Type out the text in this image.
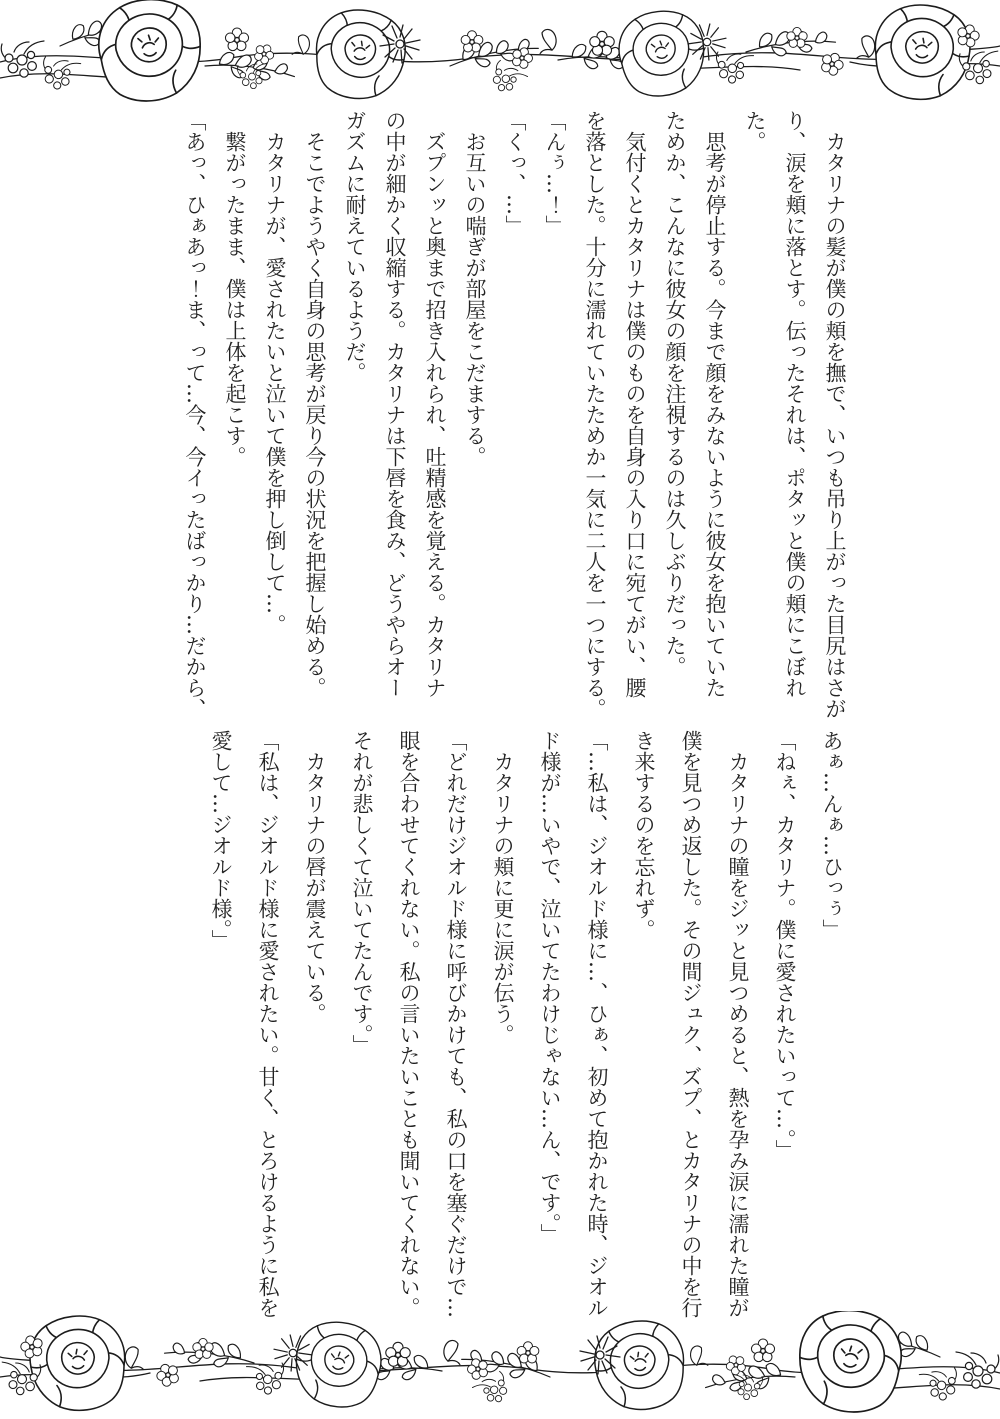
カタリナの髪が僕の頬を撫で、いつも吊り上がった目尻はさが

り、涙を頬に落とす。伝ったそれは、ポタッと僕の頬にこぼれ

た。

思考が停止する。今まで顔をみないように彼女を抱いていた

ためか、こんなに彼女の顔を注視するのは久しぶりだった。

気付くとカタリナは僕のものを自身の入り口に宛てがい、腰

を落とした。十分に濡れていたためか一気に二人を一つにする。

「んぅ…！」

「くっ、…」

お互いの喘ぎが部屋をこだまする。

ズプンッと奥まで招き入れられ、吐精感を覚える。カタリナ

の中が細かく収縮する。カタリナは下唇を食み、どうやらオー

ガズムに耐えているようだ。

そこでようやく自身の思考が戻り今の状況を把握し始める。

カタリナが、愛されたいと泣いて僕を押し倒して…。

繋がったまま、僕は上体を起こす。

「あっ、ひぁあっ！ま、って…今、今イったばっかり…だから、

あぁ…んぁ…ひっぅ」

「ねぇ、カタリナ。僕に愛されたいって…。」

カタリナの瞳をジッと見つめると、熱を孕み涙に濡れた瞳が

僕を見つめ返した。その間ジュク、ズプ、とカタリナの中を行

き来するのを忘れず。

「…私は、ジオルド様に…、ひぁ、初めて抱かれた時、ジオル

ド様が…いやで、泣いてたわけじゃない…ん、です。」

カタリナの頬に更に涙が伝う。

「どれだけジオルド様に呼びかけても、私の口を塞ぐだけで…

眼を合わせてくれない。私の言いたいことも聞いてくれない。

それが悲しくて泣いてたんです。」

カタリナの唇が震えている。

「私は、ジオルド様に愛されたい。甘く、とろけるように私を

愛して…ジオルド様。」
